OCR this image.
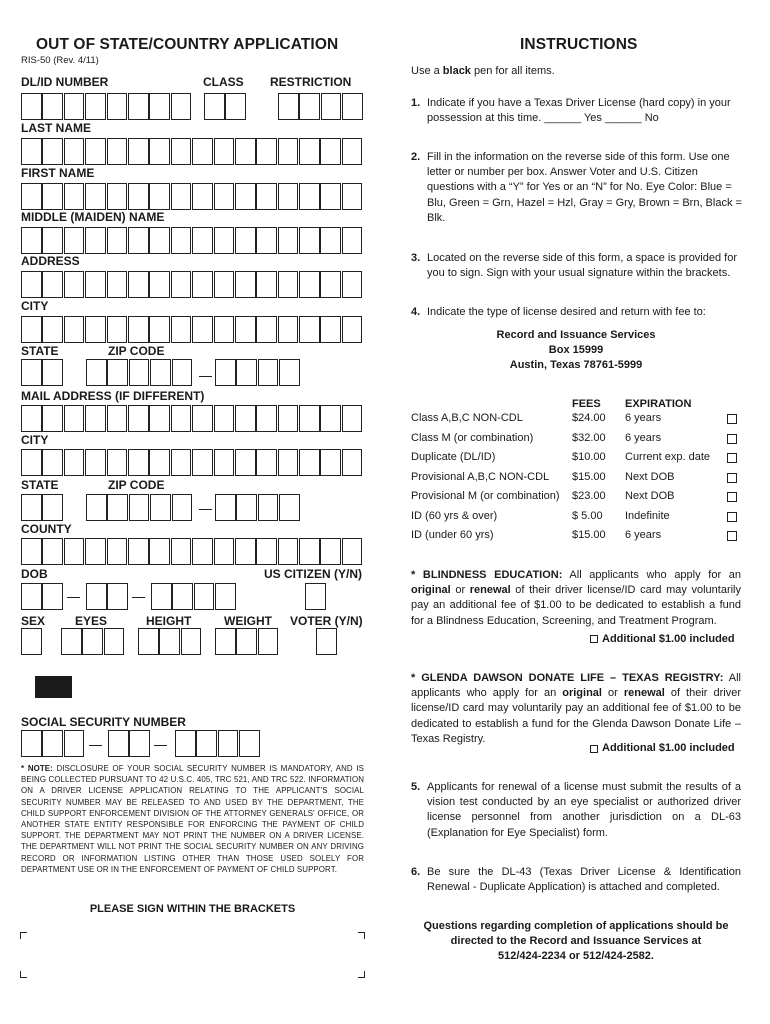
OUT OF STATE/COUNTRY APPLICATION
RIS-50 (Rev. 4/11)
DL/ID NUMBER	CLASS RESTRICTION
LAST NAME
FIRST NAME
MIDDLE (MAIDEN) NAME
ADDRESS
CITY
STATE	ZIP CODE
MAIL ADDRESS (IF DIFFERENT)
CITY
STATE	ZIP CODE
COUNTY
DOB	US CITIZEN (Y/N)
SEX EYES	HEIGHT	WEIGHT VOTER (Y/N)
SOCIAL SECURITY NUMBER
* NOTE: DISCLOSURE OF YOUR SOCIAL SECURITY NUMBER IS MANDATORY, AND IS BEING COLLECTED PURSUANT TO 42 U.S.C. 405, TRC 521, AND TRC 522. INFORMATION ON A DRIVER LICENSE APPLICATION RELATING TO THE APPLICANT'S SOCIAL SECURITY NUMBER MAY BE RELEASED TO AND USED BY THE DEPARTMENT, THE CHILD SUPPORT ENFORCEMENT DIVISION OF THE ATTORNEY GENERALS' OFFICE, OR ANOTHER STATE ENTITY RESPONSIBLE FOR ENFORCING THE PAYMENT OF CHILD SUPPORT. THE DEPARTMENT MAY NOT PRINT THE NUMBER ON A DRIVER LICENSE. THE DEPARTMENT WILL NOT PRINT THE SOCIAL SECURITY NUMBER ON ANY DRIVING RECORD OR INFORMATION LISTING OTHER THAN THOSE USED SOLELY FOR DEPARTMENT USE OR IN THE ENFORCEMENT OF PAYMENT OF CHILD SUPPORT.
PLEASE SIGN WITHIN THE BRACKETS
INSTRUCTIONS
Use a black pen for all items.
1. Indicate if you have a Texas Driver License (hard copy) in your possession at this time. ______ Yes ______ No
2. Fill in the information on the reverse side of this form. Use one letter or number per box. Answer Voter and U.S. Citizen questions with a “Y” for Yes or an “N” for No. Eye Color: Blue = Blu, Green = Grn, Hazel = Hzl, Gray = Gry, Brown = Brn, Black = Blk.
3. Located on the reverse side of this form, a space is provided for you to sign. Sign with your usual signature within the brackets.
4. Indicate the type of license desired and return with fee to:
Record and Issuance Services
Box 15999
Austin, Texas 78761-5999
FEES EXPIRATION
Class A,B,C NON-CDL	$24.00 6 years
Class M (or combination)	$32.00 6 years
Duplicate (DL/ID)	$10.00 Current exp. date
Provisional A,B,C NON-CDL $15.00 Next DOB
Provisional M (or combination) $23.00 Next DOB
ID (60 yrs & over)	$ 5.00 Indefinite
ID (under 60 yrs)	$15.00 6 years
* BLINDNESS EDUCATION: All applicants who apply for an original or renewal of their driver license/ID card may voluntarily pay an additional fee of $1.00 to be dedicated to establish a fund for a Blindness Education, Screening, and Treatment Program.
Additional $1.00 included
* GLENDA DAWSON DONATE LIFE – TEXAS REGISTRY: All applicants who apply for an original or renewal of their driver license/ID card may voluntarily pay an additional fee of $1.00 to be dedicated to establish a fund for the Glenda Dawson Donate Life – Texas Registry.
Additional $1.00 included
5. Applicants for renewal of a license must submit the results of a vision test conducted by an eye specialist or authorized driver license personnel from another jurisdiction on a DL-63 (Explanation for Eye Specialist) form.
6. Be sure the DL-43 (Texas Driver License & Identification Renewal - Duplicate Application) is attached and completed.
Questions regarding completion of applications should be
directed to the Record and Issuance Services at
512/424-2234 or 512/424-2582.
